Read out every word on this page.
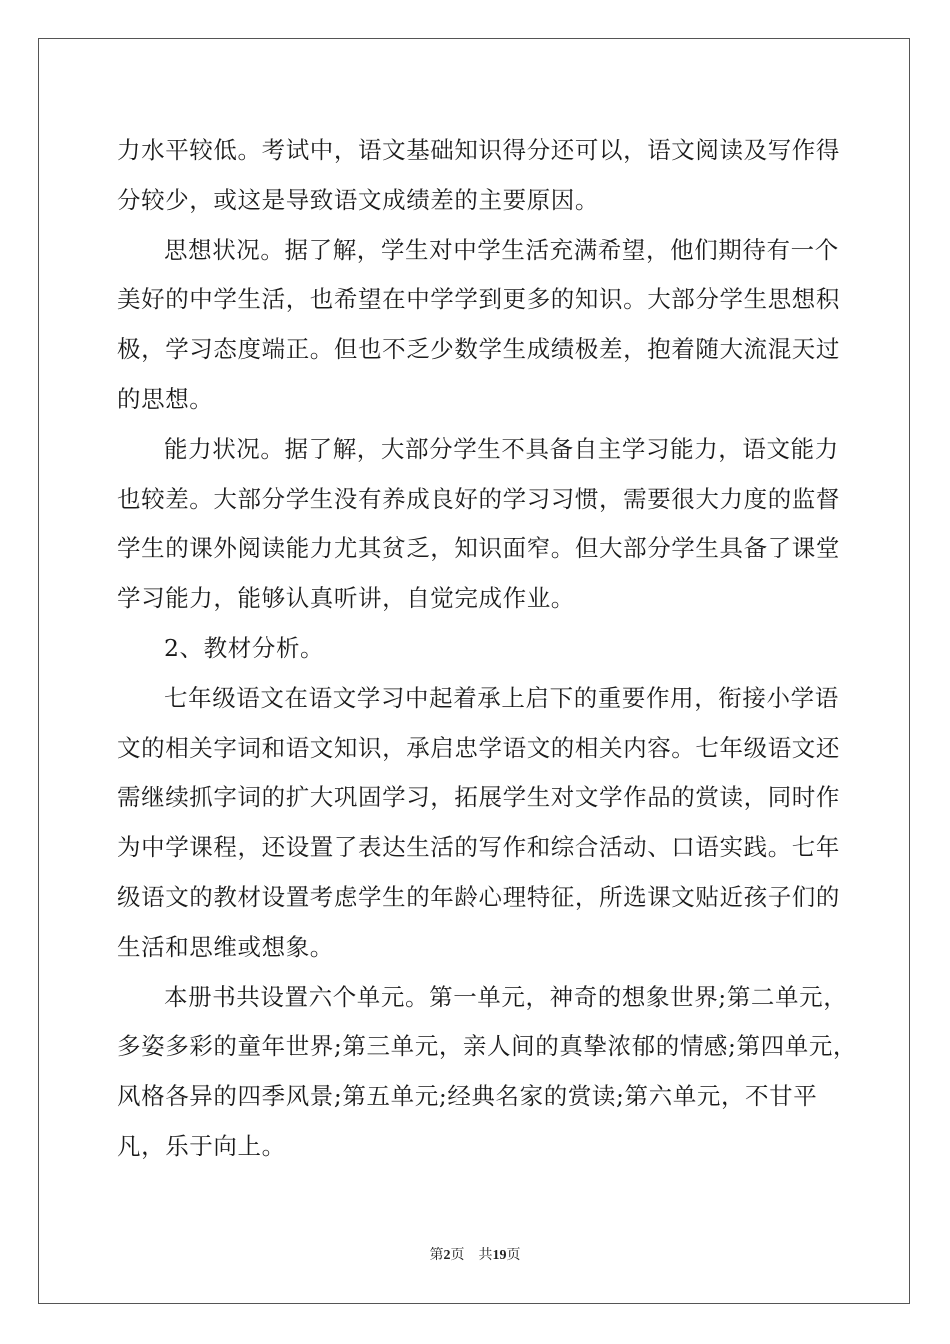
力水平较低。考试中，语文基础知识得分还可以，语文阅读及写作得
分较少，或这是导致语文成绩差的主要原因。
思想状况。据了解，学生对中学生活充满希望，他们期待有一个
美好的中学生活，也希望在中学学到更多的知识。大部分学生思想积
极，学习态度端正。但也不乏少数学生成绩极差，抱着随大流混天过
的思想。
能力状况。据了解，大部分学生不具备自主学习能力，语文能力
也较差。大部分学生没有养成良好的学习习惯，需要很大力度的监督
学生的课外阅读能力尤其贫乏，知识面窄。但大部分学生具备了课堂
学习能力，能够认真听讲，自觉完成作业。
2、教材分析。
七年级语文在语文学习中起着承上启下的重要作用，衔接小学语
文的相关字词和语文知识，承启忠学语文的相关内容。七年级语文还
需继续抓字词的扩大巩固学习，拓展学生对文学作品的赏读，同时作
为中学课程，还设置了表达生活的写作和综合活动、口语实践。七年
级语文的教材设置考虑学生的年龄心理特征，所选课文贴近孩子们的
生活和思维或想象。
本册书共设置六个单元。第一单元，神奇的想象世界;第二单元，
多姿多彩的童年世界;第三单元，亲人间的真挚浓郁的情感;第四单元，
风格各异的四季风景;第五单元;经典名家的赏读;第六单元，不甘平
凡，乐于向上。
第2页 共19页
